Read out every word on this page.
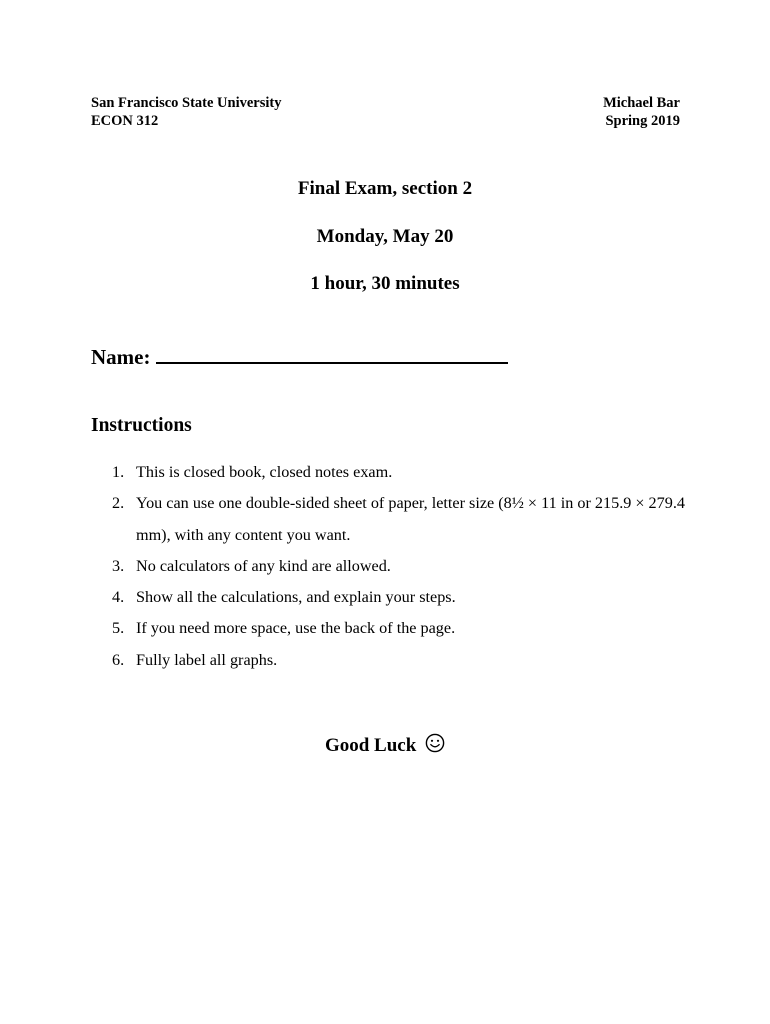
San Francisco State University
ECON 312
Michael Bar
Spring 2019
Final Exam, section 2
Monday, May 20
1 hour, 30 minutes
Name:
Instructions
1. This is closed book, closed notes exam.
2. You can use one double-sided sheet of paper, letter size (8½ × 11 in or 215.9 × 279.4 mm), with any content you want.
3. No calculators of any kind are allowed.
4. Show all the calculations, and explain your steps.
5. If you need more space, use the back of the page.
6. Fully label all graphs.
Good Luck
